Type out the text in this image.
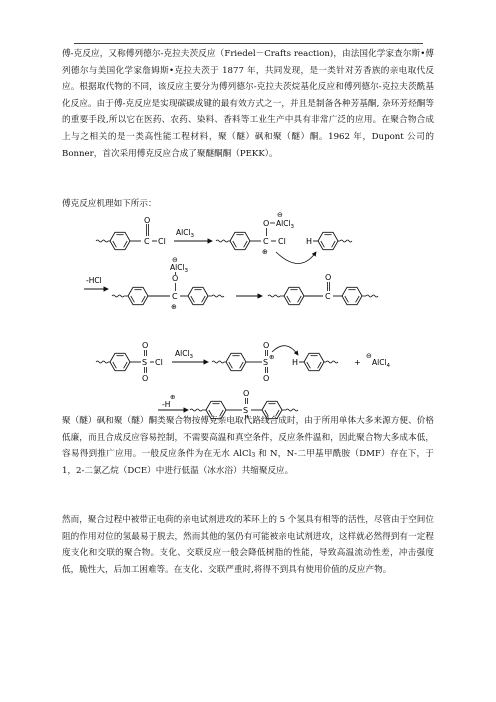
傅-克反应，又称傅列德尔-克拉夫茨反应（Friedel－Crafts reaction)，由法国化学家查尔斯•傅列德尔与美国化学家詹姆斯•克拉夫茨于 1877 年，共同发现，是一类针对芳香族的亲电取代反应。根据取代物的不同，该反应主要分为傅列德尔-克拉夫茨烷基化反应和傅列德尔-克拉夫茨酰基化反应。由于傅-克反应是实现碳碳成键的最有效方式之一，并且是制备各种芳基酮, 杂环芳烃酮等的重要手段,所以它在医药、农药、染料、香料等工业生产中具有非常广泛的应用。在聚合物合成上与之相关的是一类高性能工程材料，聚（醚）砜和聚（醚）酮。1962 年，Dupont 公司的 Bonner，首次采用傅克反应合成了聚醚酮酮（PEKK）。

傅克反应机理如下所示：
C
O
Cl
AlCl$_3$
C
O AlCl$_3$
⊖
Cl
⊕
H
-HCl
C
O
AlCl$_3$
⊖
⊕
C
O
S
O
O
Cl
AlCl$_3$
S
⊕
O
O
H	+
⊖
AlCl$_4$
-H
⊕
S
O

聚（醚）砜和聚（醚）酮类聚合物按傅克亲电取代路线合成时，由于所用单体大多来源方便、价格低廉，而且合成反应容易控制，不需要高温和真空条件，反应条件温和，因此聚合物大多成本低，容易得到推广应用。一般反应条件为在无水 AlCl$_3$ 和 N，N-二甲基甲酰胺（DMF）存在下，于 1，2-二氯乙烷（DCE）中进行低温（冰水浴）共缩聚反应。

然而，聚合过程中被带正电荷的亲电试剂进攻的苯环上的 5 个氢具有相等的活性，尽管由于空间位阻的作用对位的氢最易于脱去，然而其他的氢仍有可能被亲电试剂进攻，这样就必然得到有一定程度支化和交联的聚合物。支化、交联反应一般会降低树脂的性能，导致高温流动性差，冲击强度低，脆性大，后加工困难等。在支化、交联严重时,将得不到具有使用价值的反应产物。
